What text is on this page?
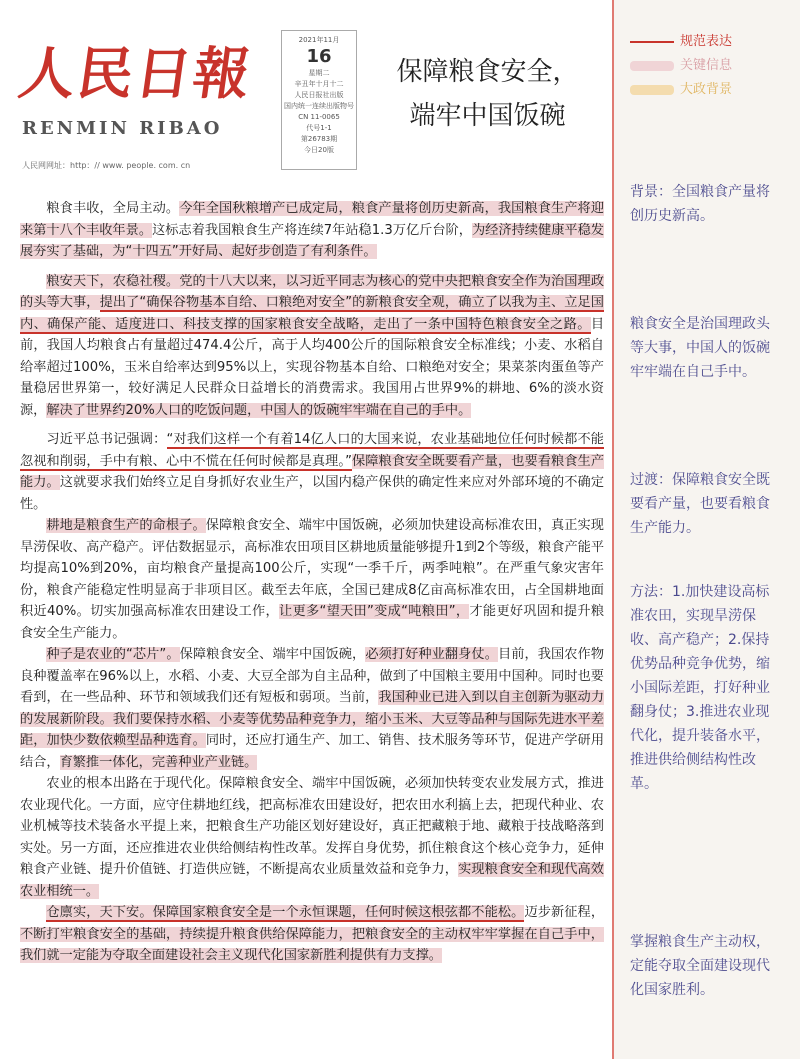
人民日報
RENMIN RIBAO
人民网网址：http：// www. people. com. cn
2021年11月
16
星期二
辛丑年十月十二
人民日报社出版
国内统一连续出版物号 CN 11-0065
代号1-1
第26783期
今日20版
保障粮食安全，
端牢中国饭碗

粮食丰收，全局主动。今年全国秋粮增产已成定局，粮食产量将创历史新高，我国粮食生产将迎来第十八个丰收年景。这标志着我国粮食生产将连续7年站稳1.3万亿斤台阶，为经济持续健康平稳发展夯实了基础，为“十四五”开好局、起好步创造了有利条件。

粮安天下，农稳社稷。党的十八大以来，以习近平同志为核心的党中央把粮食安全作为治国理政的头等大事，提出了“确保谷物基本自给、口粮绝对安全”的新粮食安全观，确立了以我为主、立足国内、确保产能、适度进口、科技支撑的国家粮食安全战略，走出了一条中国特色粮食安全之路。目前，我国人均粮食占有量超过474.4公斤，高于人均400公斤的国际粮食安全标准线；小麦、水稻自给率超过100%，玉米自给率达到95%以上，实现谷物基本自给、口粮绝对安全；果菜茶肉蛋鱼等产量稳居世界第一，较好满足人民群众日益增长的消费需求。我国用占世界9%的耕地、6%的淡水资源，解决了世界约20%人口的吃饭问题，中国人的饭碗牢牢端在自己的手中。

习近平总书记强调：“对我们这样一个有着14亿人口的大国来说，农业基础地位任何时候都不能忽视和削弱，手中有粮、心中不慌在任何时候都是真理。”保障粮食安全既要看产量，也要看粮食生产能力。这就要求我们始终立足自身抓好农业生产，以国内稳产保供的确定性来应对外部环境的不确定性。

耕地是粮食生产的命根子。保障粮食安全、端牢中国饭碗，必须加快建设高标准农田，真正实现旱涝保收、高产稳产。评估数据显示，高标准农田项目区耕地质量能够提升1到2个等级，粮食产能平均提高10%到20%，亩均粮食产量提高100公斤，实现“一季千斤，两季吨粮”。在严重气象灾害年份，粮食产能稳定性明显高于非项目区。截至去年底，全国已建成8亿亩高标准农田，占全国耕地面积近40%。切实加强高标准农田建设工作，让更多“望天田”变成“吨粮田”，才能更好巩固和提升粮食安全生产能力。

种子是农业的“芯片”。保障粮食安全、端牢中国饭碗，必须打好种业翻身仗。目前，我国农作物良种覆盖率在96%以上，水稻、小麦、大豆全部为自主品种，做到了中国粮主要用中国种。同时也要看到，在一些品种、环节和领域我们还有短板和弱项。当前，我国种业已进入到以自主创新为驱动力的发展新阶段。我们要保持水稻、小麦等优势品种竞争力，缩小玉米、大豆等品种与国际先进水平差距，加快少数依赖型品种选育。同时，还应打通生产、加工、销售、技术服务等环节，促进产学研用结合，育繁推一体化，完善种业产业链。

农业的根本出路在于现代化。保障粮食安全、端牢中国饭碗，必须加快转变农业发展方式，推进农业现代化。一方面，应守住耕地红线，把高标准农田建设好，把农田水利搞上去，把现代种业、农业机械等技术装备水平提上来，把粮食生产功能区划好建设好，真正把藏粮于地、藏粮于技战略落到实处。另一方面，还应推进农业供给侧结构性改革。发挥自身优势，抓住粮食这个核心竞争力，延伸粮食产业链、提升价值链、打造供应链，不断提高农业质量效益和竞争力，实现粮食安全和现代高效农业相统一。

仓廪实，天下安。保障国家粮食安全是一个永恒课题，任何时候这根弦都不能松。迈步新征程，不断打牢粮食安全的基础，持续提升粮食供给保障能力，把粮食安全的主动权牢牢掌握在自己手中，我们就一定能为夺取全面建设社会主义现代化国家新胜利提供有力支撑。

规范表达
关键信息
大政背景
背景：全国粮食产量将创历史新高。
粮食安全是治国理政头等大事，中国人的饭碗牢牢端在自己手中。
过渡：保障粮食安全既要看产量，也要看粮食生产能力。
方法：1.加快建设高标准农田，实现旱涝保收、高产稳产；2.保持优势品种竞争优势，缩小国际差距，打好种业翻身仗；3.推进农业现代化，提升装备水平，推进供给侧结构性改革。
掌握粮食生产主动权，定能夺取全面建设现代化国家胜利。
